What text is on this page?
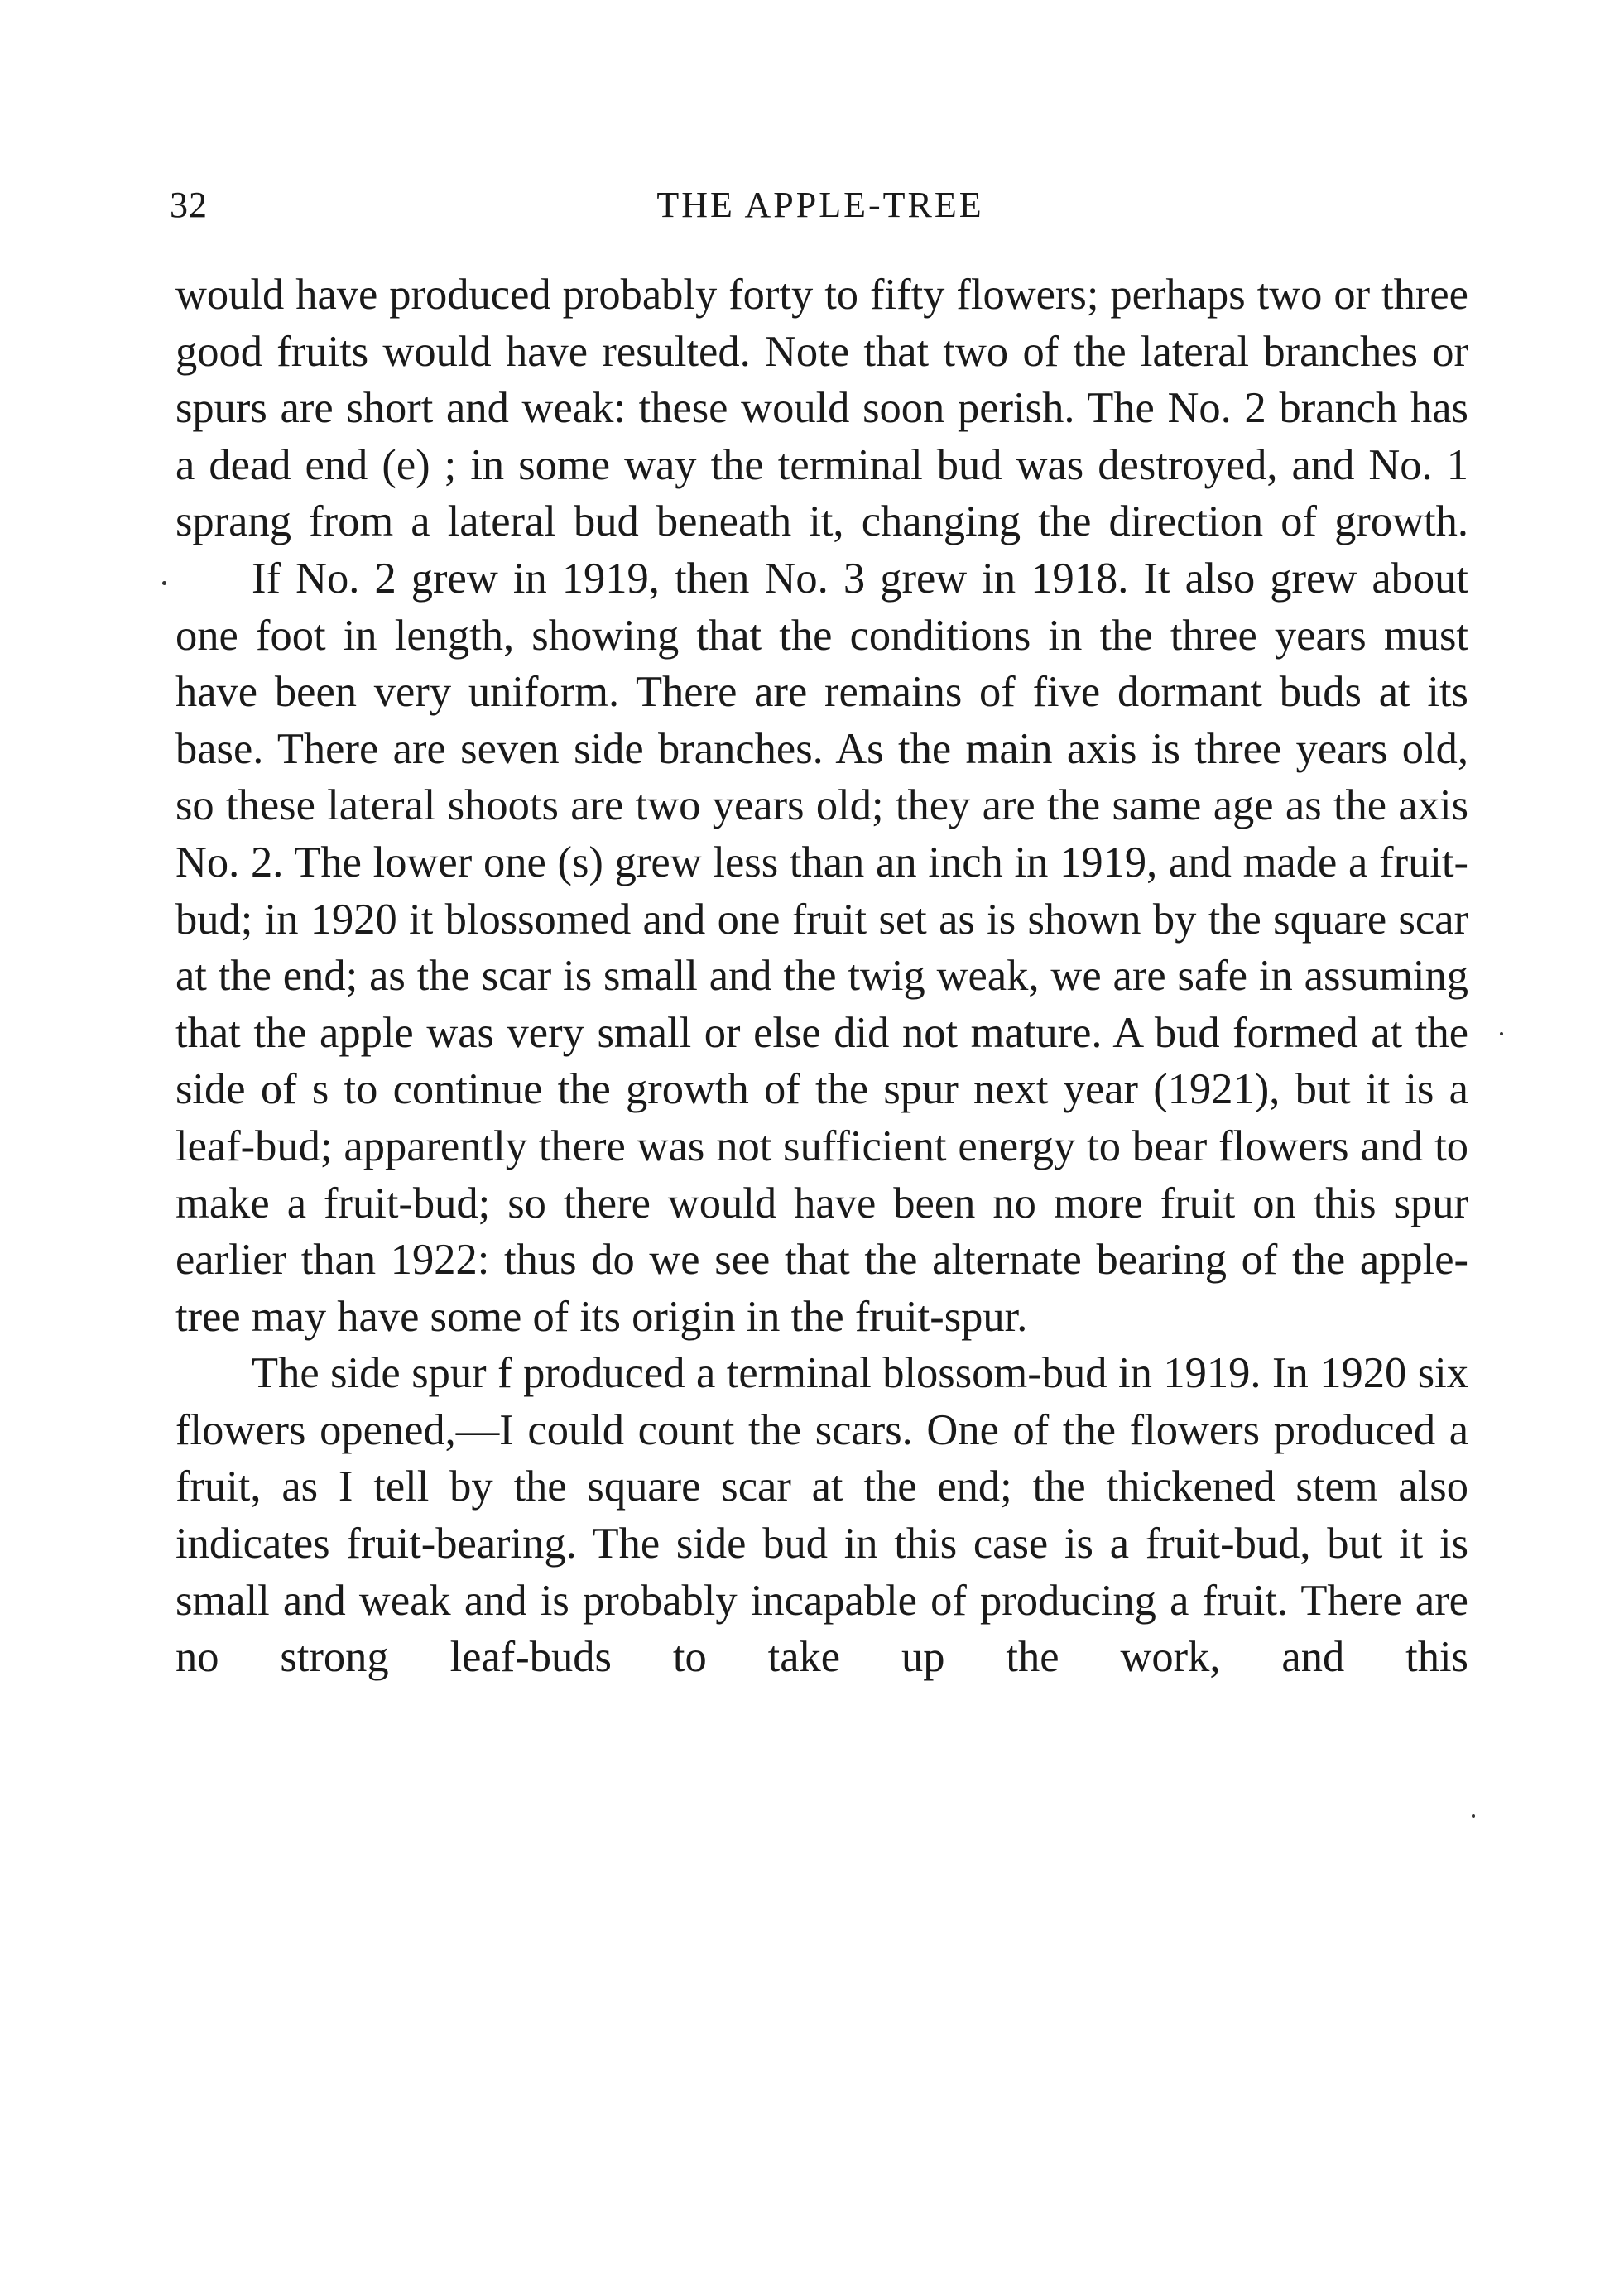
32	THE APPLE-TREE

would have produced probably forty to fifty flowers; perhaps two or three good fruits would have resulted. Note that two of the lateral branches or spurs are short and weak: these would soon perish. The No. 2 branch has a dead end (e) ; in some way the terminal bud was destroyed, and No. 1 sprang from a lateral bud beneath it, changing the direction of growth.

If No. 2 grew in 1919, then No. 3 grew in 1918. It also grew about one foot in length, showing that the conditions in the three years must have been very uniform. There are remains of five dormant buds at its base. There are seven side branches. As the main axis is three years old, so these lateral shoots are two years old; they are the same age as the axis No. 2. The lower one (s) grew less than an inch in 1919, and made a fruit-bud; in 1920 it blossomed and one fruit set as is shown by the square scar at the end; as the scar is small and the twig weak, we are safe in assuming that the apple was very small or else did not mature. A bud formed at the side of s to continue the growth of the spur next year (1921), but it is a leaf-bud; apparently there was not sufficient energy to bear flowers and to make a fruit-bud; so there would have been no more fruit on this spur earlier than 1922: thus do we see that the alternate bearing of the apple-tree may have some of its origin in the fruit-spur.

The side spur f produced a terminal blossom-bud in 1919. In 1920 six flowers opened,—I could count the scars. One of the flowers produced a fruit, as I tell by the square scar at the end; the thickened stem also indicates fruit-bearing. The side bud in this case is a fruit-bud, but it is small and weak and is probably incapable of producing a fruit. There are no strong leaf-buds to take up the work, and this
